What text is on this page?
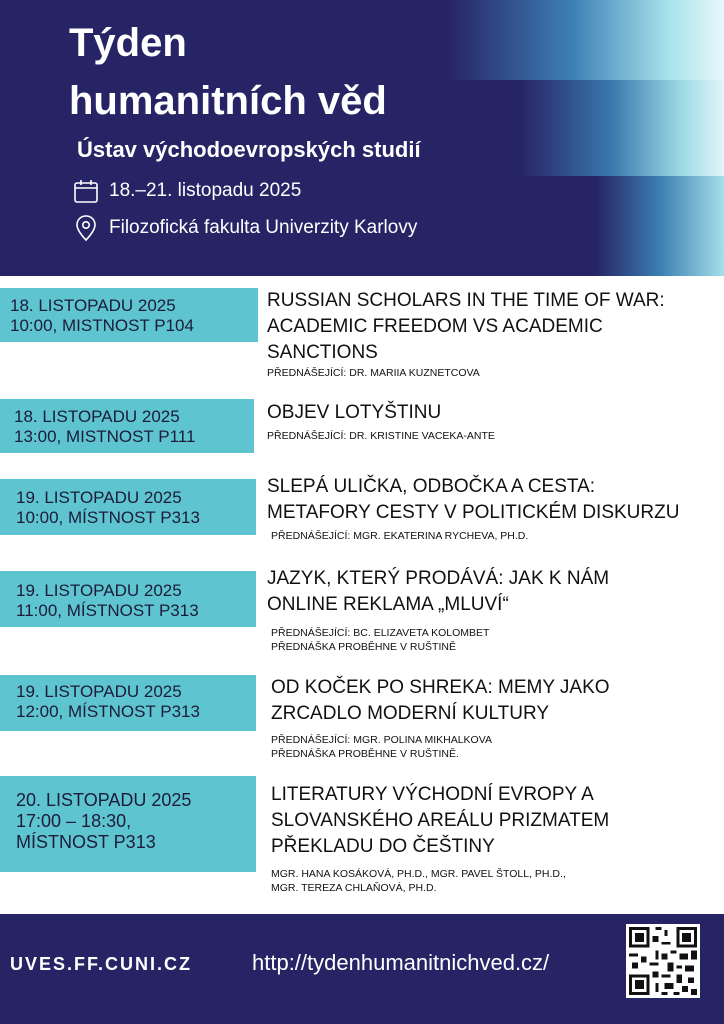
Týden
humanitních věd
Ústav východoevropských studií
18.–21. listopadu 2025
Filozofická fakulta Univerzity Karlovy
18. LISTOPADU 2025
10:00, MISTNOST P104
RUSSIAN SCHOLARS IN THE TIME OF WAR:
ACADEMIC FREEDOM VS ACADEMIC
SANCTIONS
PŘEDNÁŠEJÍCÍ: DR. MARIIA KUZNETCOVA
18. LISTOPADU 2025
13:00, MISTNOST P111
OBJEV LOTYŠTINU
PŘEDNÁŠEJÍCÍ: DR. KRISTINE VACEKA-ANTE
19. LISTOPADU 2025
10:00, MÍSTNOST P313
SLEPÁ ULIČKA, ODBOČKA A CESTA:
METAFORY CESTY V POLITICKÉM DISKURZU
PŘEDNÁŠEJÍCÍ: MGR. EKATERINA RYCHEVA, PH.D.
19. LISTOPADU 2025
11:00, MÍSTNOST P313
JAZYK, KTERÝ PRODÁVÁ: JAK K NÁM
ONLINE REKLAMA „MLUVÍ“
PŘEDNÁŠEJÍCÍ: BC. ELIZAVETA KOLOMBET
PŘEDNÁŠKA PROBĚHNE V RUŠTINĚ
19. LISTOPADU 2025
12:00, MÍSTNOST P313
OD KOČEK PO SHREKA: MEMY JAKO
ZRCADLO MODERNÍ KULTURY
PŘEDNÁŠEJÍCÍ: MGR. POLINA MIKHALKOVA
PŘEDNÁŠKA PROBĚHNE V RUŠTINĚ.
20. LISTOPADU 2025
17:00 – 18:30,
MÍSTNOST P313
LITERATURY VÝCHODNÍ EVROPY A
SLOVANSKÉHO AREÁLU PRIZMATEM
PŘEKLADU DO ČEŠTINY
MGR. HANA KOSÁKOVÁ, PH.D., MGR. PAVEL ŠTOLL, PH.D.,
MGR. TEREZA CHLAŇOVÁ, PH.D.
UVES.FF.CUNI.CZ	http://tydenhumanitnichved.cz/
